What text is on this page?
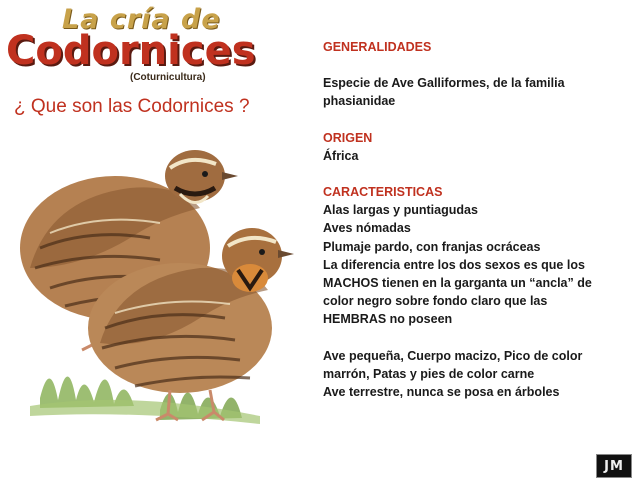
La cría de
Codornices
(Coturnicultura)
¿ Que son las Codornices ?

GENERALIDADES

Especie de Ave Galliformes, de la familia

phasianidae

ORIGEN

África

CARACTERISTICAS

Alas largas y puntiagudas

Aves nómadas

Plumaje pardo, con franjas ocráceas

La diferencia entre los dos sexos es que los

MACHOS tienen en la garganta un “ancla” de

color negro sobre fondo claro que las

HEMBRAS no poseen

Ave pequeña, Cuerpo macizo, Pico de color

marrón, Patas y pies de color carne

Ave terrestre, nunca se posa en árboles

JM
